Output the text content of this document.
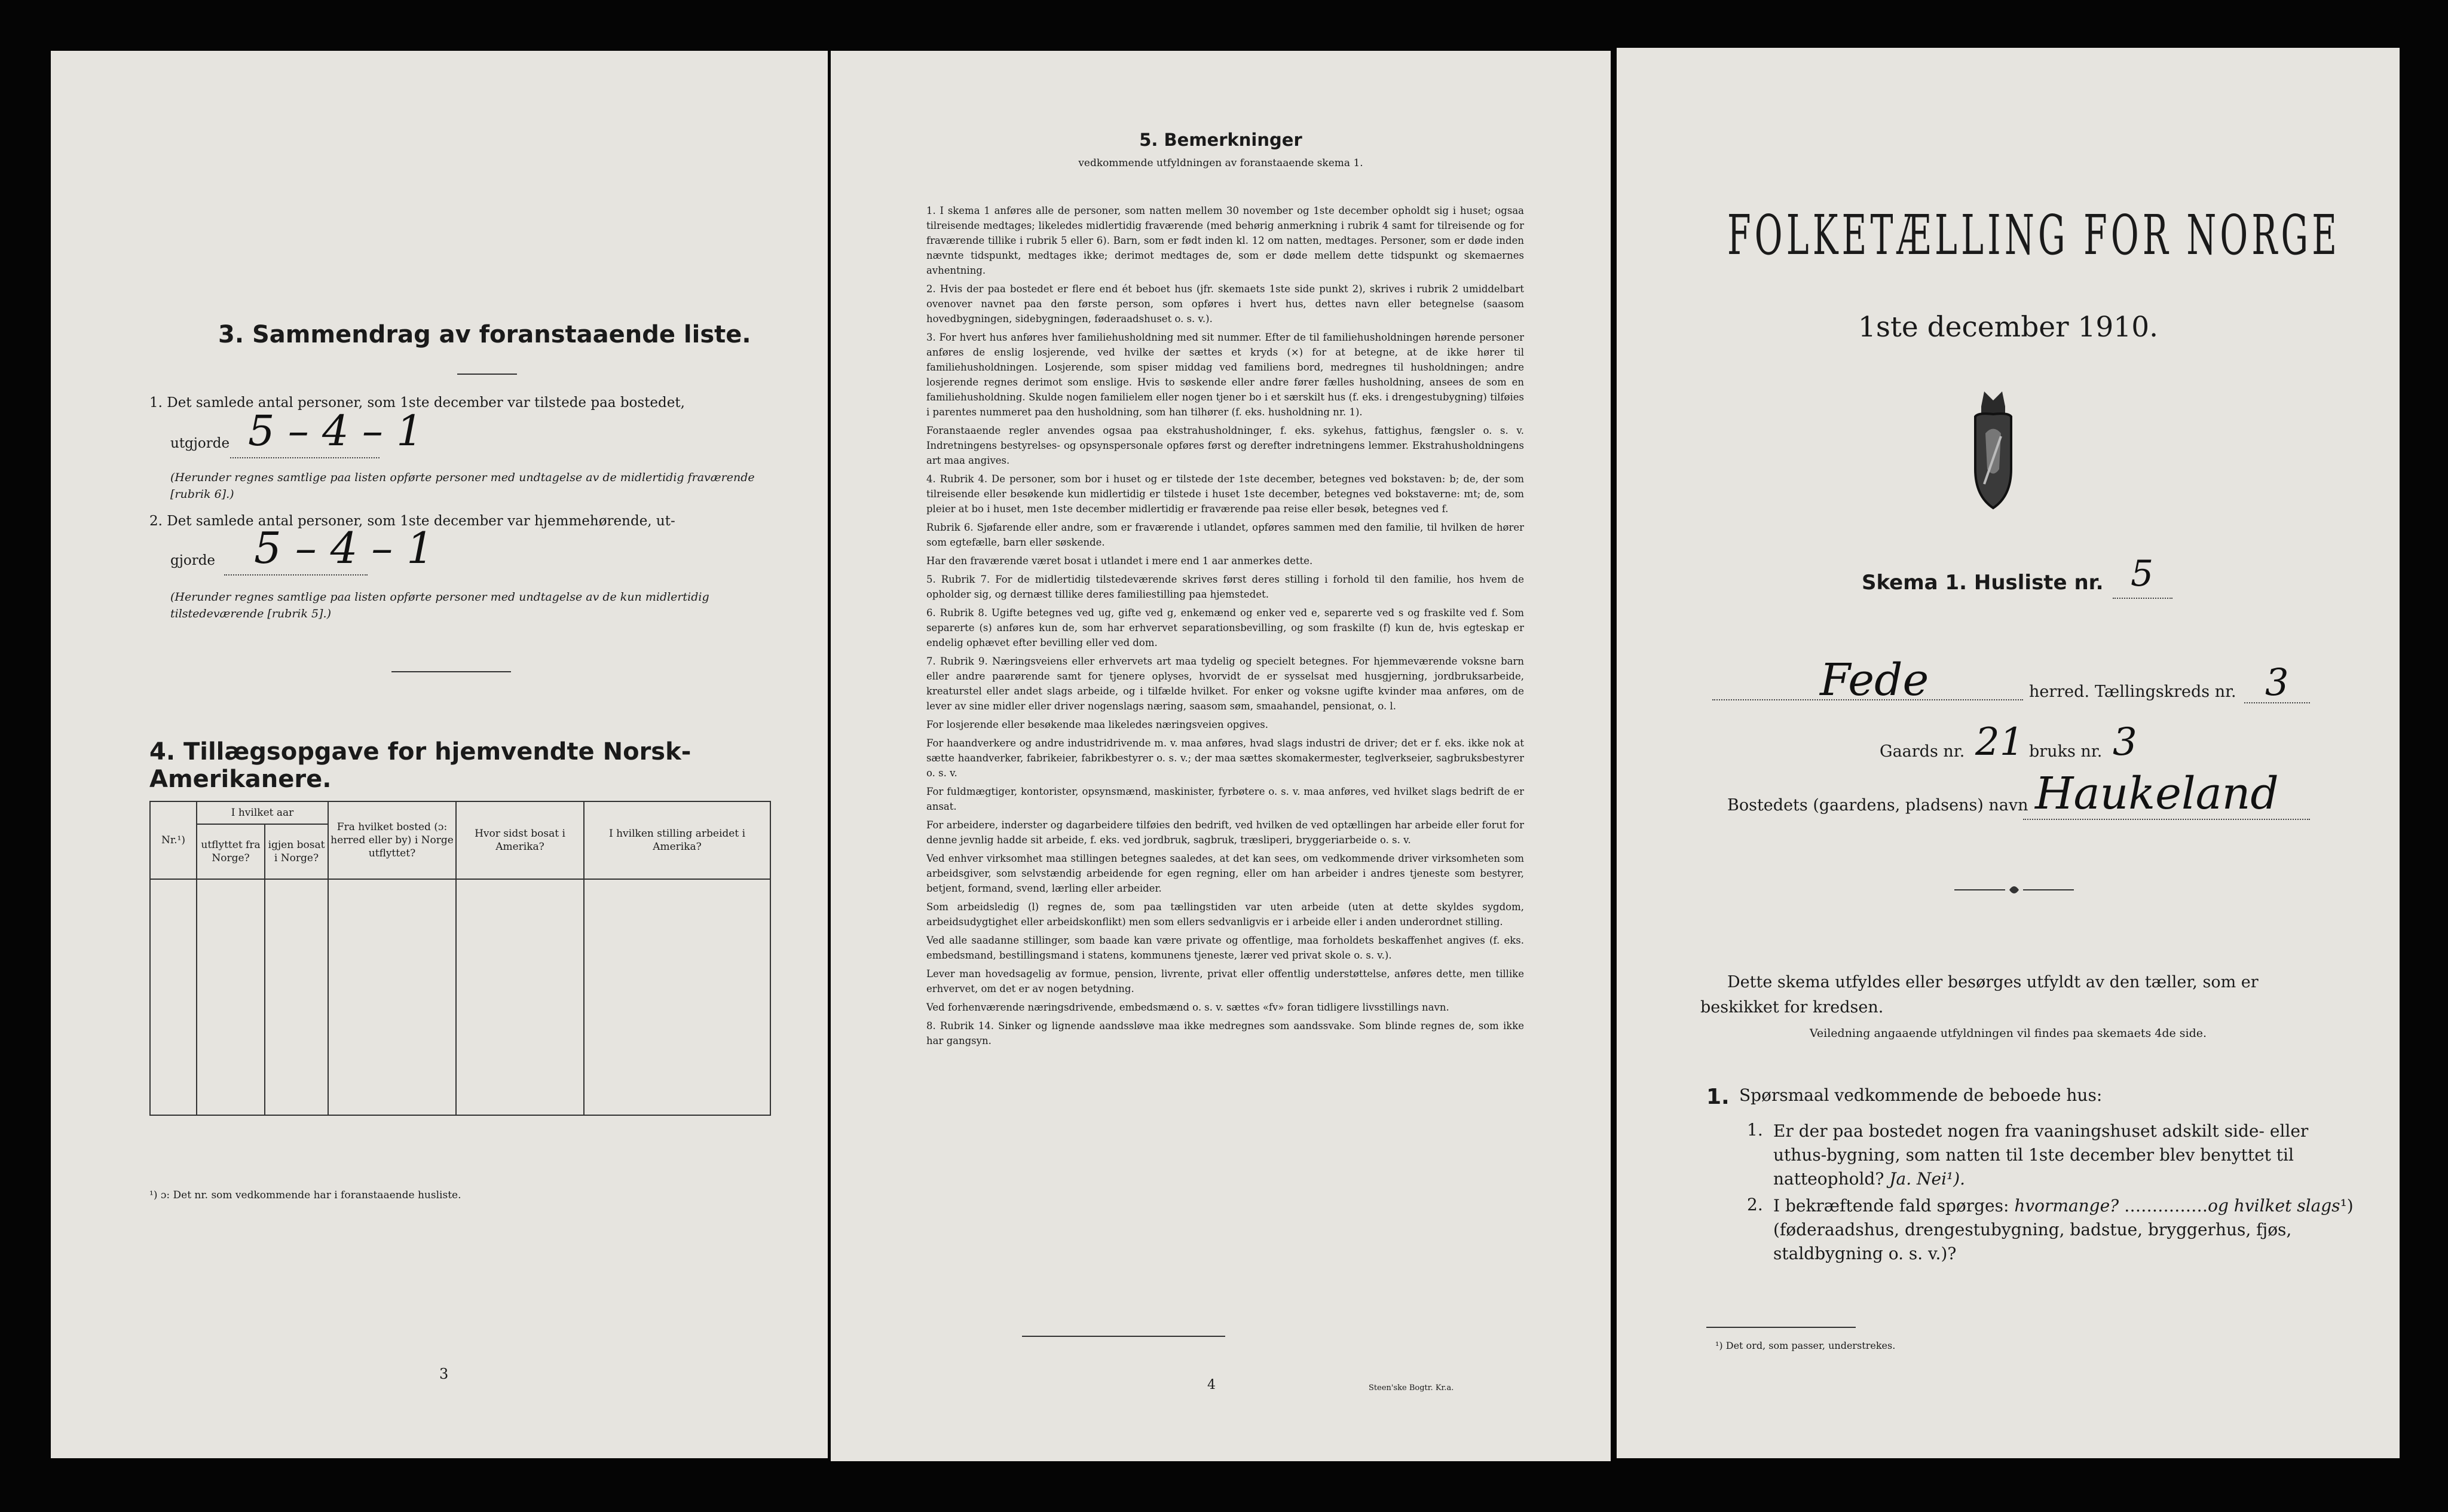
3. Sammendrag av foranstaaende liste.
1. Det samlede antal personer, som 1ste december var tilstede paa bostedet,
utgjorde 5 – 4 – 1
(Herunder regnes samtlige paa listen opførte personer med undtagelse av de midlertidig fraværende [rubrik 6].)
2. Det samlede antal personer, som 1ste december var hjemmehørende, ut-
gjorde 5 – 4 – 1
(Herunder regnes samtlige paa listen opførte personer med undtagelse av de kun midlertidig tilstedeværende [rubrik 5].)
4. Tillægsopgave for hjemvendte Norsk-Amerikanere.
Nr.¹)	I hvilket aar		Fra hvilket bosted (ɔ: herred eller by) i Norge utflyttet?	Hvor sidst bosat i Amerika?	I hvilken stilling arbeidet i Amerika?
	utflyttet fra Norge?	igjen bosat i Norge?			

¹) ɔ: Det nr. som vedkommende har i foranstaaende husliste.
3
5. Bemerkninger
vedkommende utfyldningen av foranstaaende skema 1.

1. I skema 1 anføres alle de personer, som natten mellem 30 november og 1ste december opholdt sig i huset; ogsaa tilreisende medtages; likeledes midlertidig fraværende (med behørig anmerkning i rubrik 4 samt for tilreisende og for fraværende tillike i rubrik 5 eller 6). Barn, som er født inden kl. 12 om natten, medtages. Personer, som er døde inden nævnte tidspunkt, medtages ikke; derimot medtages de, som er døde mellem dette tidspunkt og skemaernes avhentning.

2. Hvis der paa bostedet er flere end ét beboet hus (jfr. skemaets 1ste side punkt 2), skrives i rubrik 2 umiddelbart ovenover navnet paa den første person, som opføres i hvert hus, dettes navn eller betegnelse (saasom hovedbygningen, sidebygningen, føderaadshuset o. s. v.).

3. For hvert hus anføres hver familiehusholdning med sit nummer. Efter de til familiehusholdningen hørende personer anføres de enslig losjerende, ved hvilke der sættes et kryds (×) for at betegne, at de ikke hører til familiehusholdningen. Losjerende, som spiser middag ved familiens bord, medregnes til husholdningen; andre losjerende regnes derimot som enslige. Hvis to søskende eller andre fører fælles husholdning, ansees de som en familiehusholdning. Skulde nogen familielem eller nogen tjener bo i et særskilt hus (f. eks. i drengestubygning) tilføies i parentes nummeret paa den husholdning, som han tilhører (f. eks. husholdning nr. 1).

Foranstaaende regler anvendes ogsaa paa ekstrahusholdninger, f. eks. sykehus, fattighus, fængsler o. s. v. Indretningens bestyrelses- og opsynspersonale opføres først og derefter indretningens lemmer. Ekstrahusholdningens art maa angives.

4. Rubrik 4. De personer, som bor i huset og er tilstede der 1ste december, betegnes ved bokstaven: b; de, der som tilreisende eller besøkende kun midlertidig er tilstede i huset 1ste december, betegnes ved bokstaverne: mt; de, som pleier at bo i huset, men 1ste december midlertidig er fraværende paa reise eller besøk, betegnes ved f.

Rubrik 6. Sjøfarende eller andre, som er fraværende i utlandet, opføres sammen med den familie, til hvilken de hører som egtefælle, barn eller søskende.

Har den fraværende været bosat i utlandet i mere end 1 aar anmerkes dette.

5. Rubrik 7. For de midlertidig tilstedeværende skrives først deres stilling i forhold til den familie, hos hvem de opholder sig, og dernæst tillike deres familiestilling paa hjemstedet.

6. Rubrik 8. Ugifte betegnes ved ug, gifte ved g, enkemænd og enker ved e, separerte ved s og fraskilte ved f. Som separerte (s) anføres kun de, som har erhvervet separationsbevilling, og som fraskilte (f) kun de, hvis egteskap er endelig ophævet efter bevilling eller ved dom.

7. Rubrik 9. Næringsveiens eller erhvervets art maa tydelig og specielt betegnes. For hjemmeværende voksne barn eller andre paarørende samt for tjenere oplyses, hvorvidt de er sysselsat med husgjerning, jordbruksarbeide, kreaturstel eller andet slags arbeide, og i tilfælde hvilket. For enker og voksne ugifte kvinder maa anføres, om de lever av sine midler eller driver nogenslags næring, saasom søm, smaahandel, pensionat, o. l.

For losjerende eller besøkende maa likeledes næringsveien opgives.

For haandverkere og andre industridrivende m. v. maa anføres, hvad slags industri de driver; det er f. eks. ikke nok at sætte haandverker, fabrikeier, fabrikbestyrer o. s. v.; der maa sættes skomakermester, teglverkseier, sagbruksbestyrer o. s. v.

For fuldmægtiger, kontorister, opsynsmænd, maskinister, fyrbøtere o. s. v. maa anføres, ved hvilket slags bedrift de er ansat.

For arbeidere, inderster og dagarbeidere tilføies den bedrift, ved hvilken de ved optællingen har arbeide eller forut for denne jevnlig hadde sit arbeide, f. eks. ved jordbruk, sagbruk, træsliperi, bryggeriarbeide o. s. v.

Ved enhver virksomhet maa stillingen betegnes saaledes, at det kan sees, om vedkommende driver virksomheten som arbeidsgiver, som selvstændig arbeidende for egen regning, eller om han arbeider i andres tjeneste som bestyrer, betjent, formand, svend, lærling eller arbeider.

Som arbeidsledig (l) regnes de, som paa tællingstiden var uten arbeide (uten at dette skyldes sygdom, arbeidsudygtighet eller arbeidskonflikt) men som ellers sedvanligvis er i arbeide eller i anden underordnet stilling.

Ved alle saadanne stillinger, som baade kan være private og offentlige, maa forholdets beskaffenhet angives (f. eks. embedsmand, bestillingsmand i statens, kommunens tjeneste, lærer ved privat skole o. s. v.).

Lever man hovedsagelig av formue, pension, livrente, privat eller offentlig understøttelse, anføres dette, men tillike erhvervet, om det er av nogen betydning.

Ved forhenværende næringsdrivende, embedsmænd o. s. v. sættes «fv» foran tidligere livsstillings navn.

8. Rubrik 14. Sinker og lignende aandssløve maa ikke medregnes som aandssvake. Som blinde regnes de, som ikke har gangsyn.

4	Steen'ske Bogtr. Kr.a.
FOLKETÆLLING FOR NORGE
1ste december 1910.
Skema 1. Husliste nr. 5
Fede	herred. Tællingskreds nr. 3
Gaards nr. 21 bruks nr. 3
Bostedets (gaardens, pladsens) navn Haukeland
Dette skema utfyldes eller besørges utfyldt av den tæller, som er beskikket for kredsen.
Veiledning angaaende utfyldningen vil findes paa skemaets 4de side.
1. Spørsmaal vedkommende de beboede hus:
1. Er der paa bostedet nogen fra vaaningshuset adskilt side- eller uthus-bygning, som natten til 1ste december blev benyttet til natteophold? Ja. Nei¹).
2. I bekræftende fald spørges: hvormange? ……………og hvilket slags¹) (føderaadshus, drengestubygning, badstue, bryggerhus, fjøs, staldbygning o. s. v.)?
¹) Det ord, som passer, understrekes.
